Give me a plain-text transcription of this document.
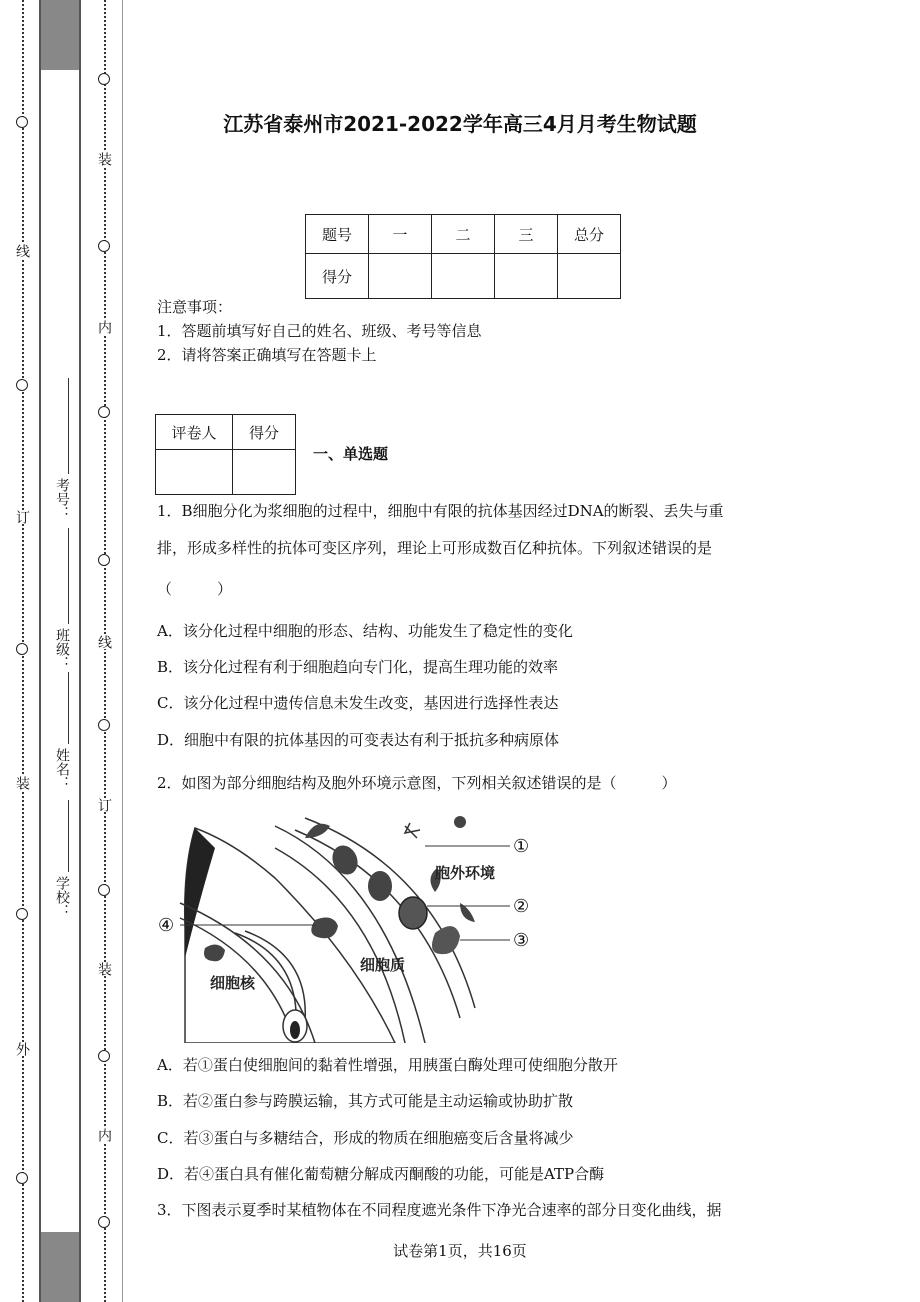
线
订
装
外
装
内
线
订
装
内
考号：
班级：
姓名：
学校：
江苏省泰州市2021-2022学年高三4月月考生物试题
题号	一	二	三	总分
得分				
注意事项：
1．答题前填写好自己的姓名、班级、考号等信息
2．请将答案正确填写在答题卡上
评卷人	得分

一、单选题
1．B细胞分化为浆细胞的过程中，细胞中有限的抗体基因经过DNA的断裂、丢失与重
排，形成多样性的抗体可变区序列，理论上可形成数百亿种抗体。下列叙述错误的是
（　　　）
A．该分化过程中细胞的形态、结构、功能发生了稳定性的变化
B．该分化过程有利于细胞趋向专门化，提高生理功能的效率
C．该分化过程中遗传信息未发生改变，基因进行选择性表达
D．细胞中有限的抗体基因的可变表达有利于抵抗多种病原体
2．如图为部分细胞结构及胞外环境示意图，下列相关叙述错误的是（　　　）
①
②
③
④
胞外环境
细胞质
细胞核
A．若①蛋白使细胞间的黏着性增强，用胰蛋白酶处理可使细胞分散开
B．若②蛋白参与跨膜运输，其方式可能是主动运输或协助扩散
C．若③蛋白与多糖结合，形成的物质在细胞癌变后含量将减少
D．若④蛋白具有催化葡萄糖分解成丙酮酸的功能，可能是ATP合酶
3．下图表示夏季时某植物体在不同程度遮光条件下净光合速率的部分日变化曲线，据
试卷第1页，共16页
